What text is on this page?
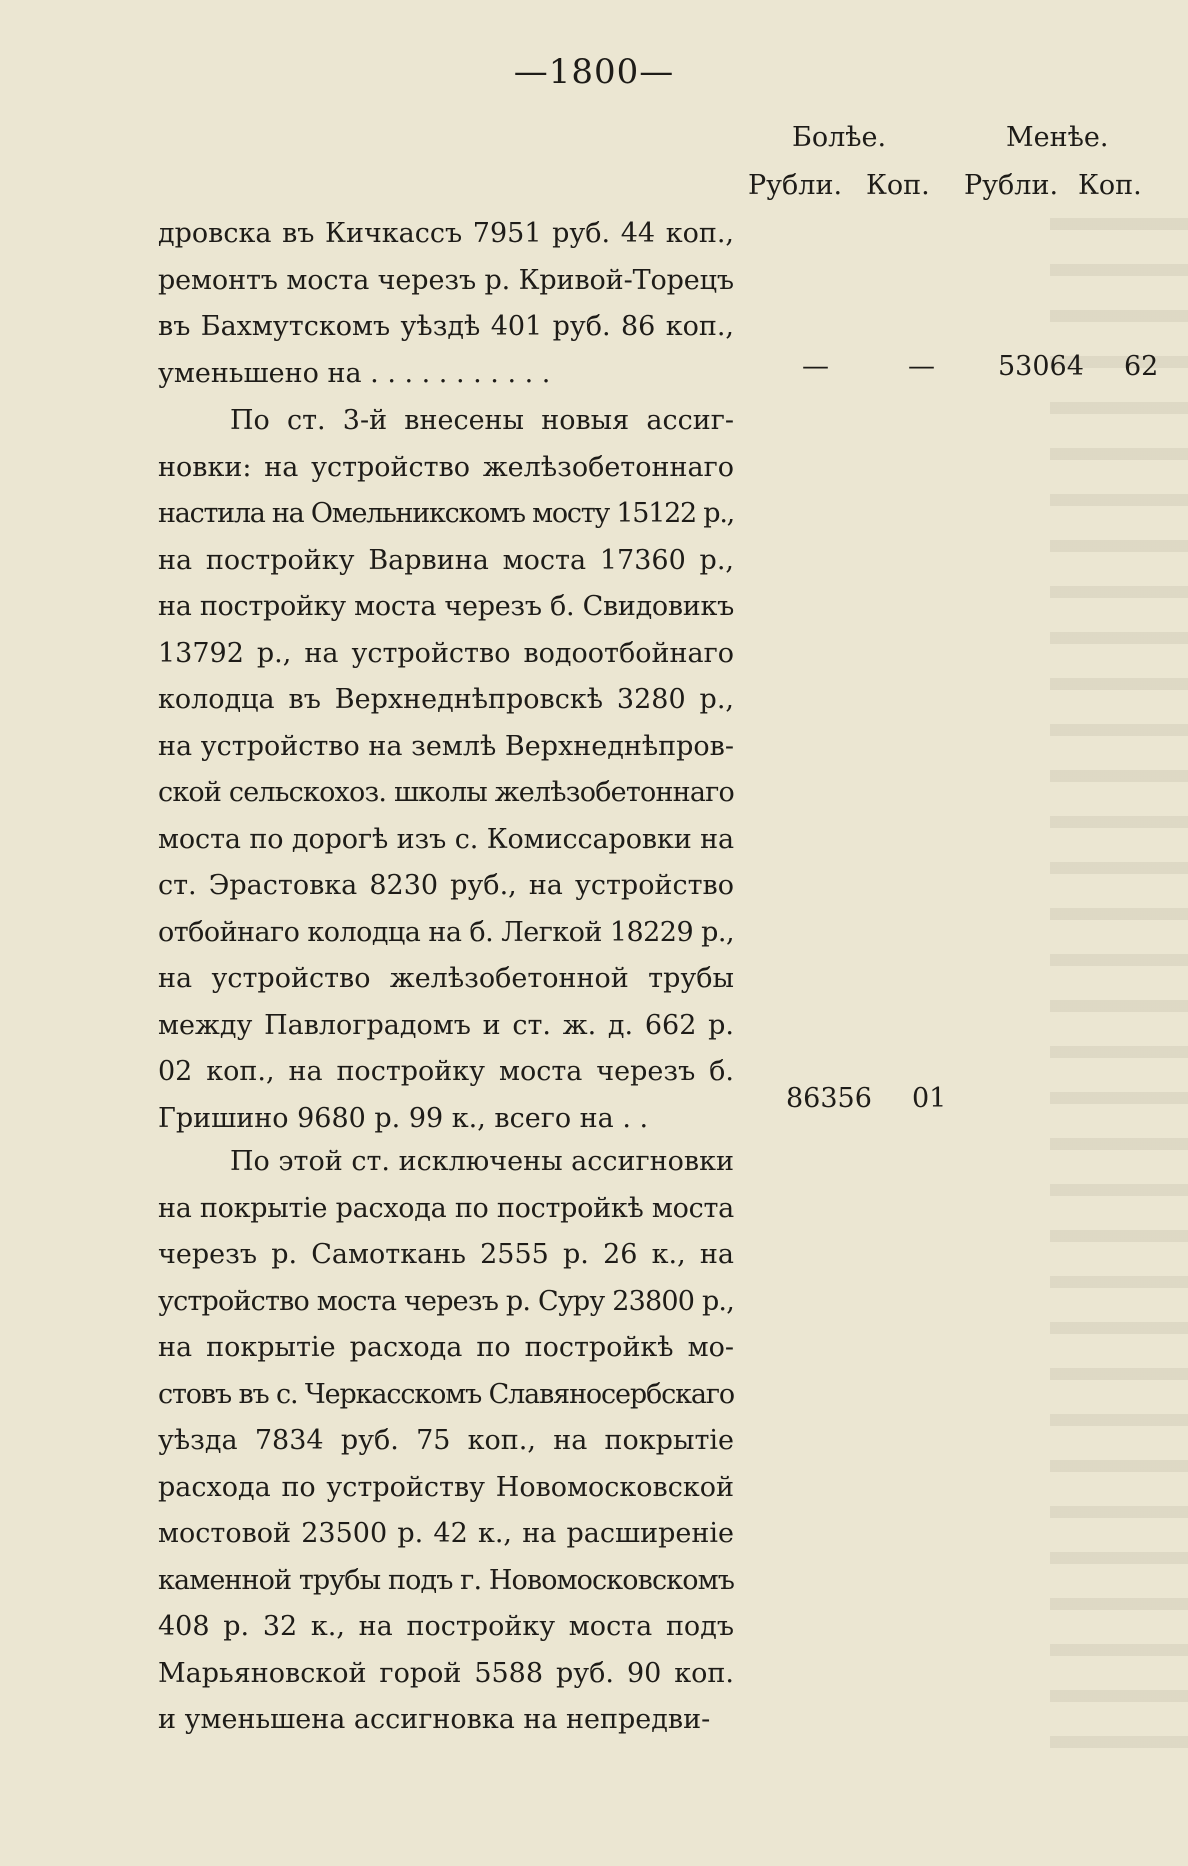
—1800—
Болѣе.	Менѣе.
Рубли. Коп. Рубли. Коп.

дровска въ Кичкассъ 7951 руб. 44 коп.,
ремонтъ моста черезъ р. Кривой-Торецъ
въ Бахмутскомъ уѣздѣ 401 руб. 86 коп.,
уменьшено на . . . . . . . . . . .	—	— 53064 62

По ст. 3-й внесены новыя ассиг-
новки: на устройство желѣзобетоннаго
настила на Омельникскомъ мосту 15122 р.,
на постройку Варвина моста 17360 р.,
на постройку моста черезъ б. Свидовикъ
13792 р., на устройство водоотбойнаго
колодца въ Верхнеднѣпровскѣ 3280 р.,
на устройство на землѣ Верхнеднѣпров-
ской сельскохоз. школы желѣзобетоннаго
моста по дорогѣ изъ с. Комиссаровки на
ст. Эрастовка 8230 руб., на устройство
отбойнаго колодца на б. Легкой 18229 р.,
на устройство желѣзобетонной трубы
между Павлоградомъ и ст. ж. д. 662 р.
02 коп., на постройку моста черезъ б.
Гришино 9680 р. 99 к., всего на . .

86356 01

По этой ст. исключены ассигновки
на покрытіе расхода по постройкѣ моста
черезъ р. Самоткань 2555 р. 26 к., на
устройство моста черезъ р. Суру 23800 р.,
на покрытіе расхода по постройкѣ мо-
стовъ въ с. Черкасскомъ Славяносербскаго
уѣзда 7834 руб. 75 коп., на покрытіе
расхода по устройству Новомосковской
мостовой 23500 р. 42 к., на расширеніе
каменной трубы подъ г. Новомосковскомъ
408 р. 32 к., на постройку моста подъ
Марьяновской горой 5588 руб. 90 коп.
и уменьшена ассигновка на непредви-
